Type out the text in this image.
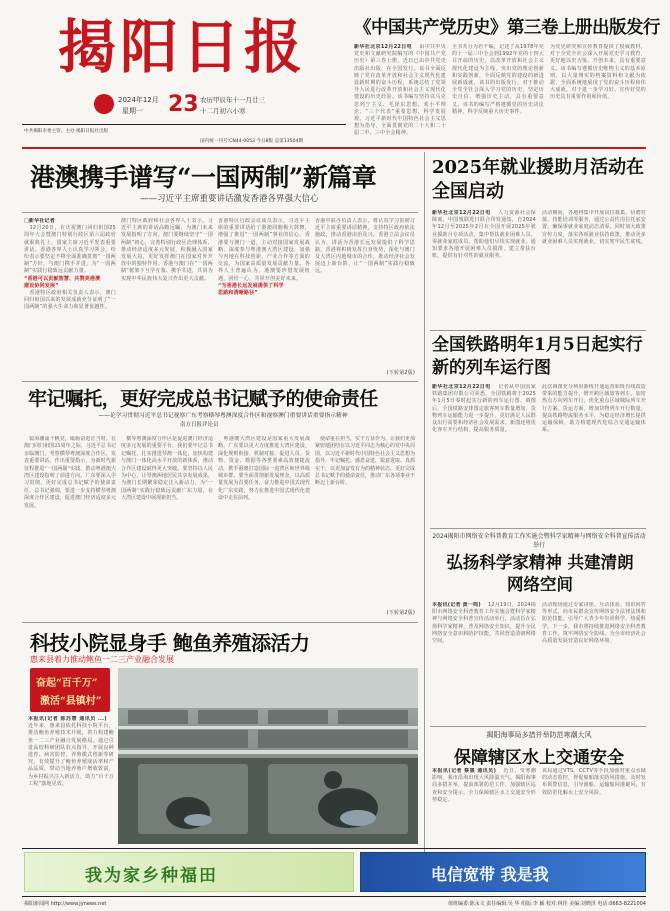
揭阳日报
2024年12月
星期一 23 农历甲辰年十一月廿三
十二月初六小寒
中共揭阳市委主管、主办 揭阳日报社出版
国内统一刊号:CN44-0053 今日8版 总第13504期
《中国共产党历史》第三卷上册出版发行
新华社北京12月22日电 　由中共中央党史和文献研究院编写的《中国共产党历史》第三卷上册，近日已由中共党史出版社出版，在全国发行。该书全面反映了党在改革开放和社会主义现代化建设新时期的奋斗历程，系统总结了党领导人民进行改革开放和社会主义现代化建设的历史经验。该书编写坚持以马克思列宁主义、毛泽东思想、邓小平理论、“三个代表”重要思想、科学发展观、习近平新时代中国特色社会主义思想为指导，全面贯彻党的二十大和二十届二中、三中全会精神。
全书共分为若干编，记述了从1978年党的十一届三中全会到1992年党的十四大召开前的历史，以改革开放和社会主义现代化建设为主线，突出党的理论创新和实践创新，全面反映党的建设的新进展新成就。该书的出版发行，对于推动全党全社会深入学习党的历史，坚定历史自信、增强历史主动，具有重要意义。该书的编写严格遵循党的历史决议精神，科学反映重大历史事件。
为党史研究和宣传教育提供了权威教材，对于全党全社会深入开展党史学习教育，更好地以史为鉴、开创未来，具有重要意义。该书编写遵循历史唯物主义的基本原则，以大量翔实的档案资料和文献为依据，全面系统地展现了党的奋斗历程和伟大成就，对于进一步学习好、宣传好党的历史具有重要作用和价值。
港澳携手谱写“一国两制”新篇章
——习近平主席重要讲话激发香港各界强大信心
□新华社记者
　12月20日，在庆祝澳门回归祖国25周年大会暨澳门特别行政区第六届政府就职典礼上，国家主席习近平发表重要讲话。香港各界人士认真学习领会，纷纷表示要坚定不移全面准确贯彻“一国两制”方针，与澳门携手并进，为“一国两制”实践行稳致远贡献力量。
“香港可以贡献智慧、共赞美港澳
建设协同发展”
　香港特区政府相关负责人表示，澳门回归祖国以来的发展成就充分证明了“一国两制”的强大生命力和显著优越性。
澳门特区政府和社会各界人士表示，习近平主席的讲话高瞻远瞩，为澳门未来发展指明了方向。澳门要继续坚守“一国两制”初心，完善特别行政区治理体系，推动经济适度多元发展，积极融入国家发展大局，更好发挥澳门在国家对外开放中的独特作用。香港与澳门在“一国两制”框架下互学互鉴、携手共进，共同为实现中华民族伟大复兴作出更大贡献。
香港特区行政会议成员表示，习近平主席的重要讲话给了港澳同胞极大鼓舞，增强了推进“一国两制”事业的信心。香港要与澳门一道，主动对接国家发展战略，深度参与粤港澳大湾区建设，加强与内地在科技创新、产业合作等方面的交流，为国家高质量发展贡献力量。各界人士普遍认为，港澳要珍惜发展机遇，团结一心，共同开创美好未来。
“为香港长远发展提供了科学
思路和清晰路径”
香港中联办负责人表示，将认真学习贯彻习近平主席重要讲话精神，支持特区政府依法施政，推动香港由治及兴。香港立法会议员认为，讲话为香港长远发展提供了科学思路，香港将积极发挥自身优势，深化与澳门及大湾区内地城市的合作，推动经济社会发展迈上新台阶，让“一国两制”实践行稳致远。
(下转第2版)
牢记嘱托，更好完成总书记赋予的使命责任
——论学习贯彻习近平总书记视察广东考察横琴粤澳深度合作区和视察澳门重要讲话重要指示精神
南方日报评论员
　镜海潮涌千帆竞，砥砺奋进正当时。在澳门回归祖国25周年之际，习近平总书记亲临澳门，考察横琴粤澳深度合作区，发表重要讲话、作出重要指示，为新时代新征程推进“一国两制”实践、推动粤港澳大湾区建设指明了前进方向。广东要深入学习贯彻，更好完成总书记赋予的使命责任。总书记强调，要进一步支持横琴粤澳深度合作区建设，促进澳门经济适度多元发展。
　横琴粤澳深度合作区是促进澳门经济适度多元发展的重要平台。我们要牢记总书记嘱托，扎实推进琴澳一体化，加快构建与澳门一体化高水平开放的新体系，推动合作区建设取得更大突破。要坚持以人民为中心，让琴澳两地居民共享发展成果，为澳门长期繁荣稳定注入新动力，为“一国两制”实践行稳致远贡献广东力量，在大湾区建设中展现新担当。
　粤港澳大湾区建设是国家重大发展战略。广东要以更大力度推进大湾区建设，深化规则衔接、机制对接，促进人员、货物、资金、数据等各类要素高效便捷流动，携手港澳打造国际一流湾区和世界级城市群。要全面贯彻新发展理念，以高质量发展为首要任务，奋力推进中国式现代化广东实践，努力在推进中国式现代化建设中走在前列。
　使命重在担当，实干方显作为。让我们更加紧密地团结在以习近平同志为核心的党中央周围，以习近平新时代中国特色社会主义思想为指导，牢记嘱托、感恩奋进，锐意进取、真抓实干，以更加奋发有为的精神状态，更好完成总书记赋予的使命责任，推动广东各项事业不断迈上新台阶。
(下转第2版)
科技小院显身手 鲍鱼养殖添活力
惠来县着力推动鲍鱼一二三产业融合发展
奋起“百千万”
激活“县镇村”
本报讯(记者 陈苏慧 通讯员 ...) 　近年来，惠来县依托科技小院平台，推动鲍鱼养殖技术升级，着力构建鲍鱼一二三产业融合发展格局。通过引进高校科研团队驻点指导，开展良种选育、病害防控、养殖模式创新等研究，有效提升了鲍鱼养殖成活率和产品品质，带动当地养殖户增收致富，为乡村振兴注入新活力，助力“百千万工程”落地见效。
2025年就业援助月活动在全国启动
新华社北京12月22日电 　人力资源社会保障部、中国残联近日联合印发通知，自2024年12月至2025年2月在全国开展2025年就业援助月专项活动，集中帮扶就业困难人员、零就业家庭成员，帮助他们尽快实现就业。通知要求各地开展困难人员摸排，建立帮扶台账，提供有针对性的就业服务。
活动期间，各地将集中开展岗位募集、招聘对接、技能培训等服务，通过公益性岗位托底安置，确保零就业家庭动态清零。同时加大政策宣传力度，落实各项就业扶持政策，推动更多就业困难人员实现就业，切实兜牢民生底线。
全国铁路明年1月5日起实行新的列车运行图
新华社北京12月22日电 　记者从中国国家铁路集团有限公司获悉，全国铁路将于2025年1月5日零时起实行新的列车运行图。调图后，全国铁路安排图定旅客列车数量增加，货物列车运输能力进一步提升，更好满足人民群众出行需要和经济社会发展需求。新图还将优化客车开行结构，提高服务质量。
此次调图充分利用新线开通运营和既有线改造带来的能力提升，增开跨区域旅客列车，加密热点方向列车开行，优化重点区域城际列车开行方案。货运方面，增加货物列车开行数量，提高铁路物流服务水平，为稳定经济增长提供运输保障，助力构建现代化综合交通运输体系。
2024揭阳市网络安全科普教育工作实施会暨科学家精神与网络安全科普宣传活动举行
弘扬科学家精神 共建清朗网络空间
本报讯(记者 黄一鸣) 　12月19日，2024揭阳市网络安全科普教育工作实施会暨科学家精神与网络安全科普宣传活动举行。活动旨在弘扬科学家精神，普及网络安全知识，提升全民网络安全意识和防护技能，共同营造清朗网络空间。
活动现场通过专家讲座、互动体验、知识问答等形式，向市民群众宣传网络安全法律法规和防范技能，引导广大青少年崇尚科学、热爱科学。下一步，我市将持续推进网络安全科普教育工作，筑牢网络安全防线，为全市经济社会高质量发展营造良好网络环境。
揭阳海事局多措并举防范寒潮大风
保障辖区水上交通安全
本报讯(记者 蔡惠 通讯员) 　近日，受寒潮影响，我市沿海出现大风降温天气。揭阳海事局多措并举，提前部署防范工作，加强辖区巡查和安全提示，全力保障辖区水上交通安全形势稳定。
该局通过VTS、CCTV等手段加强对重点水域的动态监控，督促船舶落实防风措施，及时发布预警信息，引导渔船、运输船回港避风，有效防范化解水上安全风险。
我为家乡种福田	电信宽带 我是我
揭阳新闻网 http://www.jynews.net	值班编委:陈永文 责任编辑:吴 华 组版:李 颖 校对:林佳 美编:刘晓泽 电话:0663-8221004
